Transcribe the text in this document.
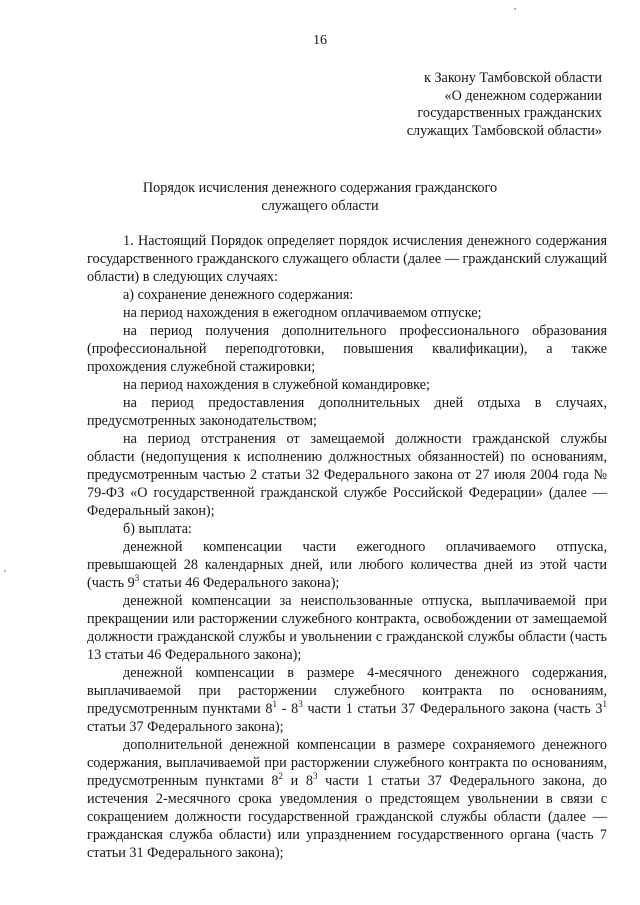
16
к Закону Тамбовской области
«О денежном содержании
государственных гражданских
служащих Тамбовской области»
Порядок исчисления денежного содержания гражданского
служащего области

1. Настоящий Порядок определяет порядок исчисления денежного содержания государственного гражданского служащего области (далее — гражданский служащий области) в следующих случаях:

а) сохранение денежного содержания:

на период нахождения в ежегодном оплачиваемом отпуске;

на период получения дополнительного профессионального образования (профессиональной переподготовки, повышения квалификации), а также прохождения служебной стажировки;

на период нахождения в служебной командировке;

на период предоставления дополнительных дней отдыха в случаях, предусмотренных законодательством;

на период отстранения от замещаемой должности гражданской службы области (недопущения к исполнению должностных обязанностей) по основаниям, предусмотренным частью 2 статьи 32 Федерального закона от 27 июля 2004 года № 79-ФЗ «О государственной гражданской службе Российской Федерации» (далее — Федеральный закон);

б) выплата:

денежной компенсации части ежегодного оплачиваемого отпуска, превышающей 28 календарных дней, или любого количества дней из этой части (часть $9^3$ статьи 46 Федерального закона);

денежной компенсации за неиспользованные отпуска, выплачиваемой при прекращении или расторжении служебного контракта, освобождении от замещаемой должности гражданской службы и увольнении с гражданской службы области (часть 13 статьи 46 Федерального закона);

денежной компенсации в размере 4-месячного денежного содержания, выплачиваемой при расторжении служебного контракта по основаниям, предусмотренным пунктами $8^1 - 8^3$ части 1 статьи 37 Федерального закона (часть $3^1$ статьи 37 Федерального закона);

дополнительной денежной компенсации в размере сохраняемого денежного содержания, выплачиваемой при расторжении служебного контракта по основаниям, предусмотренным пунктами $8^2$ и $8^3$ части 1 статьи 37 Федерального закона, до истечения 2-месячного срока уведомления о предстоящем увольнении в связи с сокращением должности государственной гражданской службы области (далее — гражданская служба области) или упразднением государственного органа (часть 7 статьи 31 Федерального закона);
